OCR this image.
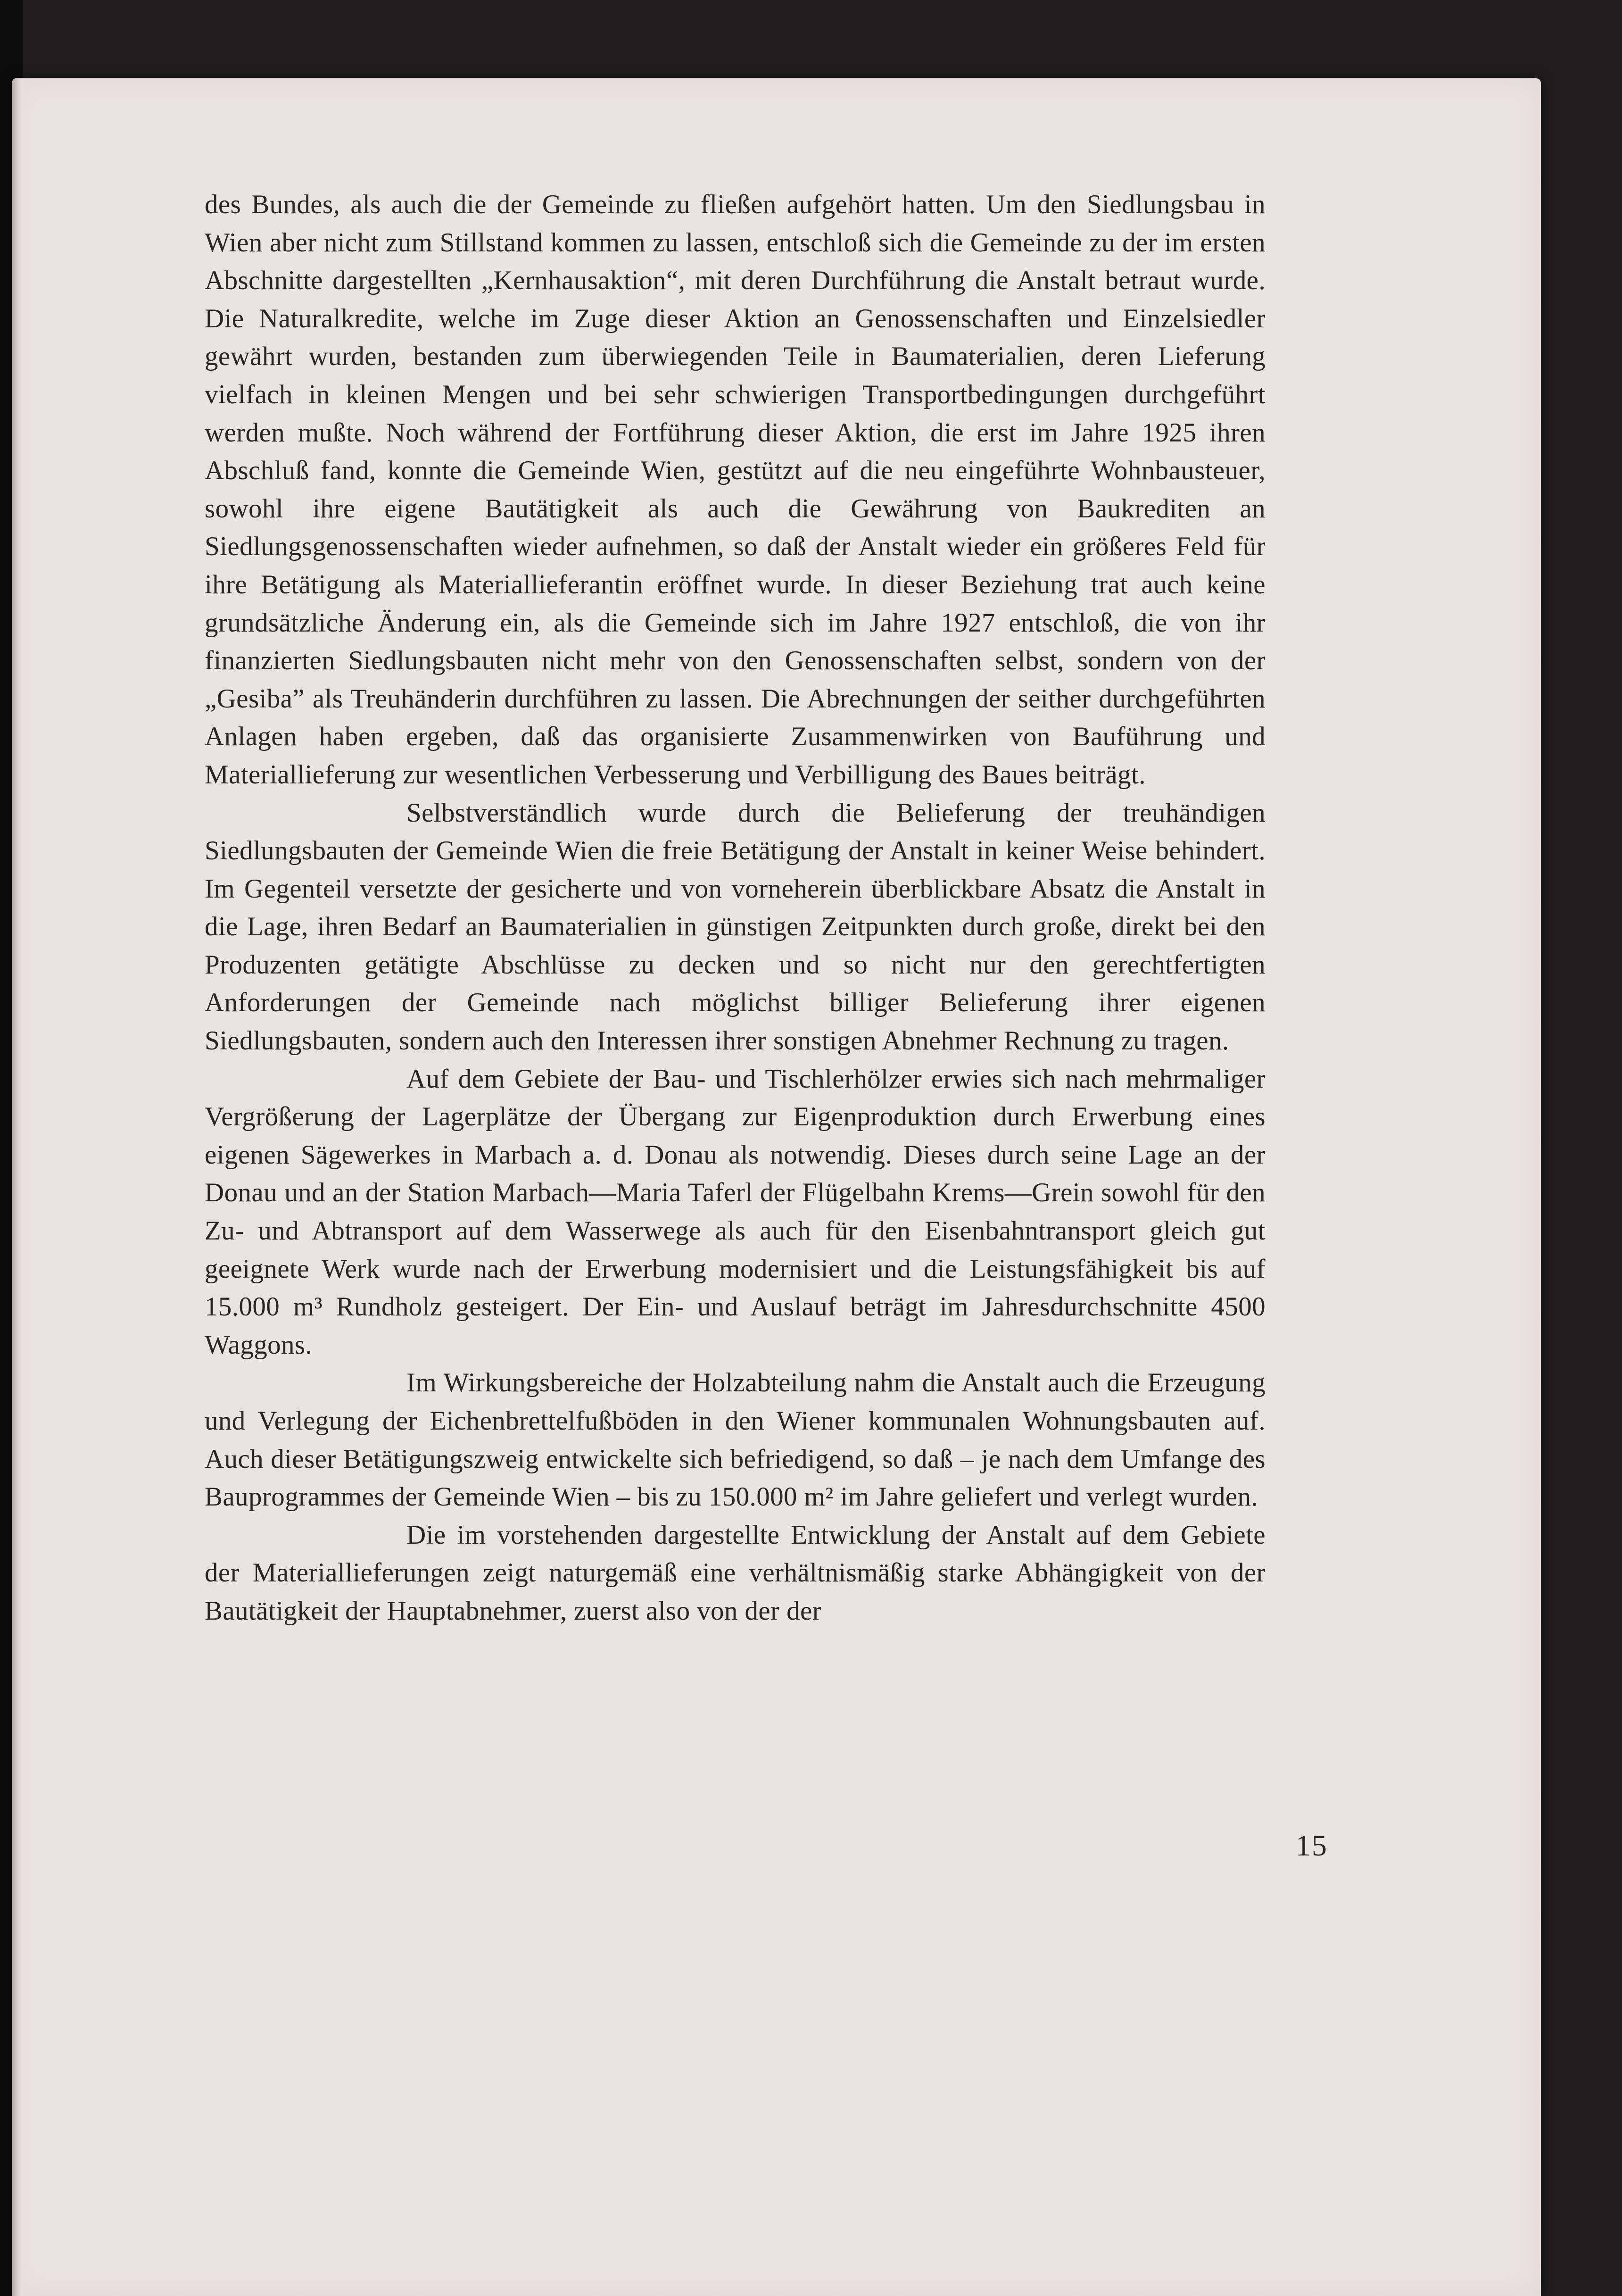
des Bundes, als auch die der Gemeinde zu fließen aufgehört hatten. Um den Siedlungsbau in Wien aber nicht zum Stillstand kommen zu lassen, entschloß sich die Gemeinde zu der im ersten Abschnitte dargestellten „Kernhausaktion“, mit deren Durchführung die Anstalt betraut wurde. Die Naturalkredite, welche im Zuge dieser Aktion an Genossenschaften und Einzelsiedler gewährt wurden, bestanden zum überwiegenden Teile in Baumaterialien, deren Lieferung vielfach in kleinen Mengen und bei sehr schwierigen Transportbedingungen durchgeführt werden mußte. Noch während der Fortführung dieser Aktion, die erst im Jahre 1925 ihren Abschluß fand, konnte die Gemeinde Wien, gestützt auf die neu eingeführte Wohnbausteuer, sowohl ihre eigene Bautätigkeit als auch die Gewährung von Baukrediten an Siedlungsgenossenschaften wieder aufnehmen, so daß der Anstalt wieder ein größeres Feld für ihre Betätigung als Materiallieferantin eröffnet wurde. In dieser Beziehung trat auch keine grundsätzliche Änderung ein, als die Gemeinde sich im Jahre 1927 entschloß, die von ihr finanzierten Siedlungsbauten nicht mehr von den Genossenschaften selbst, sondern von der „Gesiba” als Treuhänderin durchführen zu lassen. Die Abrechnungen der seither durchgeführten Anlagen haben ergeben, daß das organisierte Zusammenwirken von Bauführung und Materiallieferung zur wesentlichen Verbesserung und Verbilligung des Baues beiträgt.

Selbstverständlich wurde durch die Belieferung der treuhändigen Siedlungsbauten der Gemeinde Wien die freie Betätigung der Anstalt in keiner Weise behindert. Im Gegenteil versetzte der gesicherte und von vorneherein überblickbare Absatz die Anstalt in die Lage, ihren Bedarf an Baumaterialien in günstigen Zeitpunkten durch große, direkt bei den Produzenten getätigte Abschlüsse zu decken und so nicht nur den gerechtfertigten Anforderungen der Gemeinde nach möglichst billiger Belieferung ihrer eigenen Siedlungsbauten, sondern auch den Interessen ihrer sonstigen Abnehmer Rechnung zu tragen.

Auf dem Gebiete der Bau- und Tischlerhölzer erwies sich nach mehrmaliger Vergrößerung der Lagerplätze der Übergang zur Eigenproduktion durch Erwerbung eines eigenen Sägewerkes in Marbach a. d. Donau als notwendig. Dieses durch seine Lage an der Donau und an der Station Marbach—Maria Taferl der Flügelbahn Krems—Grein sowohl für den Zu- und Abtransport auf dem Wasserwege als auch für den Eisenbahntransport gleich gut geeignete Werk wurde nach der Erwerbung modernisiert und die Leistungsfähigkeit bis auf 15.000 m³ Rundholz gesteigert. Der Ein- und Auslauf beträgt im Jahresdurchschnitte 4500 Waggons.

Im Wirkungsbereiche der Holzabteilung nahm die Anstalt auch die Erzeugung und Verlegung der Eichenbrettelfußböden in den Wiener kommunalen Wohnungsbauten auf. Auch dieser Betätigungszweig entwickelte sich befriedigend, so daß – je nach dem Umfange des Bauprogrammes der Gemeinde Wien – bis zu 150.000 m² im Jahre geliefert und verlegt wurden.

Die im vorstehenden dargestellte Entwicklung der Anstalt auf dem Gebiete der Materiallieferungen zeigt naturgemäß eine verhältnismäßig starke Abhängigkeit von der Bautätigkeit der Hauptabnehmer, zuerst also von der der

15
